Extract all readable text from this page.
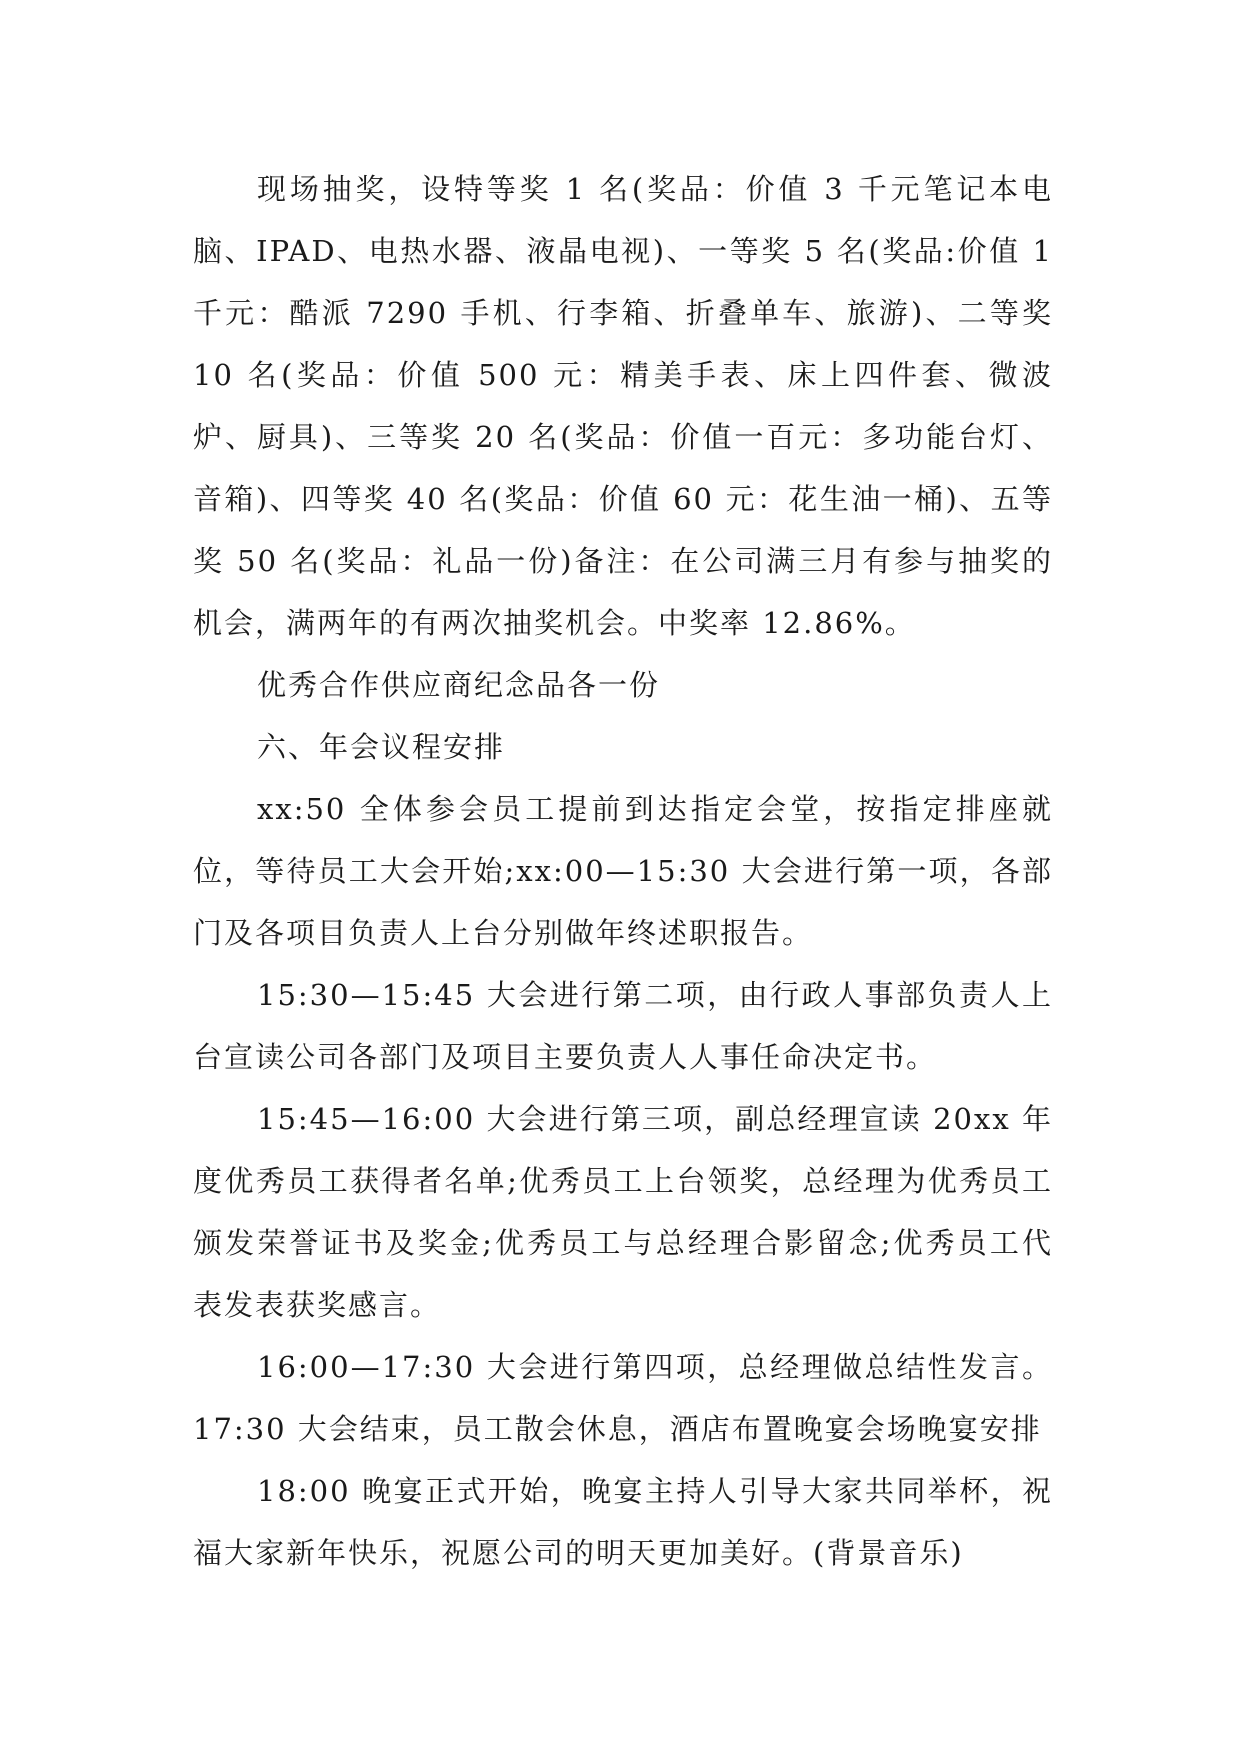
现场抽奖，设特等奖 1 名(奖品：价值 3 千元笔记本电脑、IPAD、电热水器、液晶电视)、一等奖 5 名(奖品:价值 1 千元：酷派 7290 手机、行李箱、折叠单车、旅游)、二等奖 10 名(奖品：价值 500 元：精美手表、床上四件套、微波炉、厨具)、三等奖 20 名(奖品：价值一百元：多功能台灯、音箱)、四等奖 40 名(奖品：价值 60 元：花生油一桶)、五等奖 50 名(奖品：礼品一份)备注：在公司满三月有参与抽奖的机会，满两年的有两次抽奖机会。中奖率 12.86%。

优秀合作供应商纪念品各一份

六、年会议程安排

xx:50 全体参会员工提前到达指定会堂，按指定排座就位，等待员工大会开始;xx:00—15:30 大会进行第一项，各部门及各项目负责人上台分别做年终述职报告。

15:30—15:45 大会进行第二项，由行政人事部负责人上台宣读公司各部门及项目主要负责人人事任命决定书。

15:45—16:00 大会进行第三项，副总经理宣读 20xx 年度优秀员工获得者名单;优秀员工上台领奖，总经理为优秀员工颁发荣誉证书及奖金;优秀员工与总经理合影留念;优秀员工代表发表获奖感言。

16:00—17:30 大会进行第四项，总经理做总结性发言。17:30 大会结束，员工散会休息，酒店布置晚宴会场晚宴安排

18:00 晚宴正式开始，晚宴主持人引导大家共同举杯，祝福大家新年快乐，祝愿公司的明天更加美好。(背景音乐)
